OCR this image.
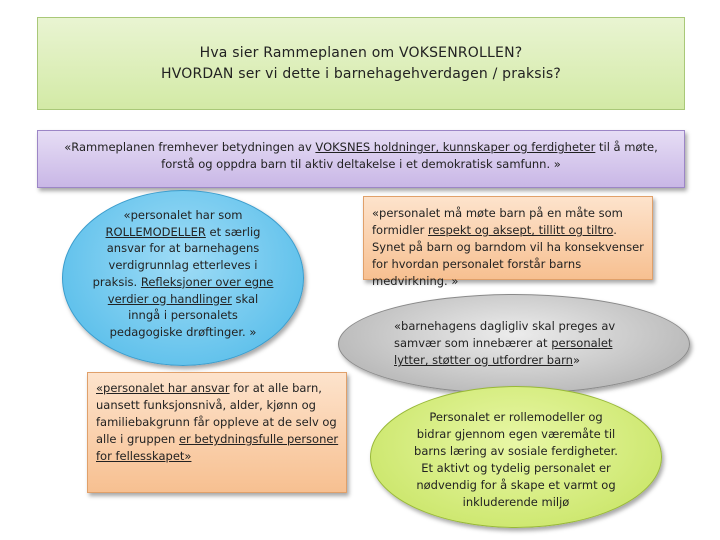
Hva sier Rammeplanen om VOKSENROLLEN?
HVORDAN ser vi dette i barnehagehverdagen / praksis?
«Rammeplanen fremhever betydningen av VOKSNES holdninger, kunnskaper og ferdigheter til å møte, forstå og oppdra barn til aktiv deltakelse i et demokratisk samfunn. »
«personalet har som ROLLEMODELLER et særlig ansvar for at barnehagens verdigrunnlag etterleves i praksis. Refleksjoner over egne verdier og handlinger skal inngå i personalets pedagogiske drøftinger. »
«personalet må møte barn på en måte som formidler respekt og aksept, tillitt og tiltro. Synet på barn og barndom vil ha konsekvenser for hvordan personalet forstår barns medvirkning. »
«barnehagens dagligliv skal preges av samvær som innebærer at personalet lytter, støtter og utfordrer barn»
«personalet har ansvar for at alle barn, uansett funksjonsnivå, alder, kjønn og familiebakgrunn får oppleve at de selv og alle i gruppen er betydningsfulle personer for fellesskapet»
Personalet er rollemodeller og bidrar gjennom egen væremåte til barns læring av sosiale ferdigheter. Et aktivt og tydelig personalet er nødvendig for å skape et varmt og inkluderende miljø
